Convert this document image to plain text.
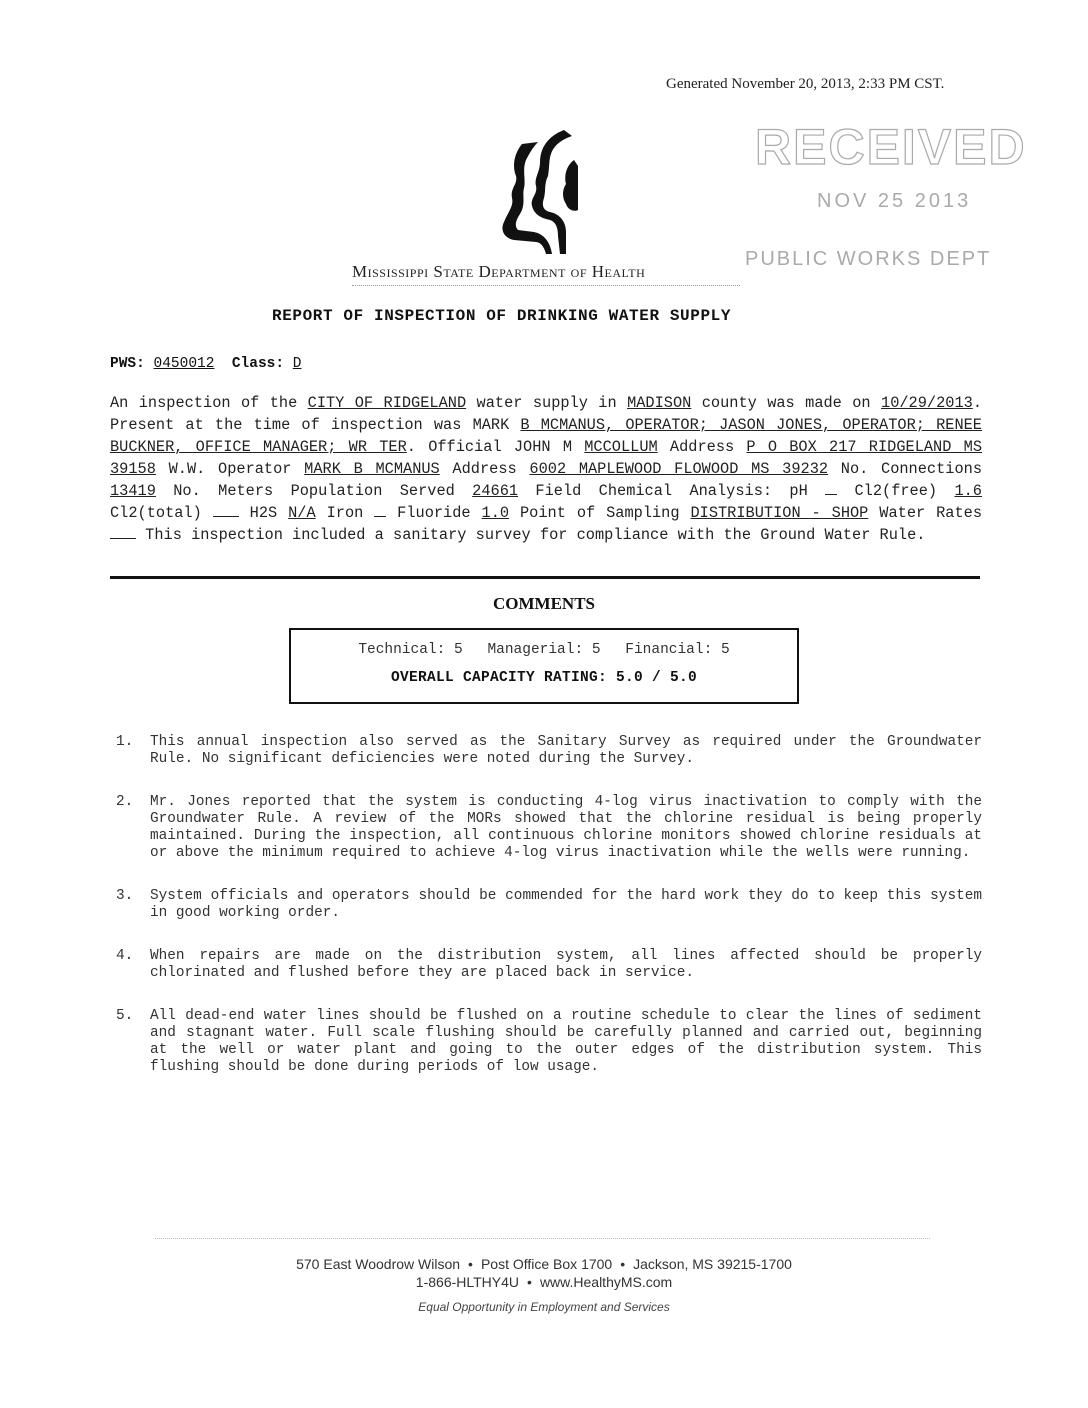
Generated November 20, 2013, 2:33 PM CST.
Mississippi State Department of Health
RECEIVED
NOV 25 2013
PUBLIC WORKS DEPT
REPORT OF INSPECTION OF DRINKING WATER SUPPLY
PWS: 0450012 Class: D
An inspection of the CITY OF RIDGELAND water supply in MADISON county was made on 10/29/2013. Present at the time of inspection was MARK B MCMANUS, OPERATOR; JASON JONES, OPERATOR; RENEE BUCKNER, OFFICE MANAGER; WR TER. Official JOHN M MCCOLLUM Address P O BOX 217 RIDGELAND MS 39158 W.W. Operator MARK B MCMANUS Address 6002 MAPLEWOOD FLOWOOD MS 39232 No. Connections 13419 No. Meters Population Served 24661 Field Chemical Analysis: pH  Cl2(free) 1.6 Cl2(total)  H2S N/A Iron  Fluoride 1.0 Point of Sampling DISTRIBUTION - SHOP Water Rates  This inspection included a sanitary survey for compliance with the Ground Water Rule.
COMMENTS
Technical: 5 Managerial: 5 Financial: 5
OVERALL CAPACITY RATING: 5.0 / 5.0
1. This annual inspection also served as the Sanitary Survey as required under the Groundwater Rule. No significant deficiencies were noted during the Survey.
2. Mr. Jones reported that the system is conducting 4-log virus inactivation to comply with the Groundwater Rule. A review of the MORs showed that the chlorine residual is being properly maintained. During the inspection, all continuous chlorine monitors showed chlorine residuals at or above the minimum required to achieve 4-log virus inactivation while the wells were running.
3. System officials and operators should be commended for the hard work they do to keep this system in good working order.
4. When repairs are made on the distribution system, all lines affected should be properly chlorinated and flushed before they are placed back in service.
5. All dead-end water lines should be flushed on a routine schedule to clear the lines of sediment and stagnant water. Full scale flushing should be carefully planned and carried out, beginning at the well or water plant and going to the outer edges of the distribution system. This flushing should be done during periods of low usage.
570 East Woodrow Wilson • Post Office Box 1700 • Jackson, MS 39215-1700
1-866-HLTHY4U • www.HealthyMS.com
Equal Opportunity in Employment and Services
